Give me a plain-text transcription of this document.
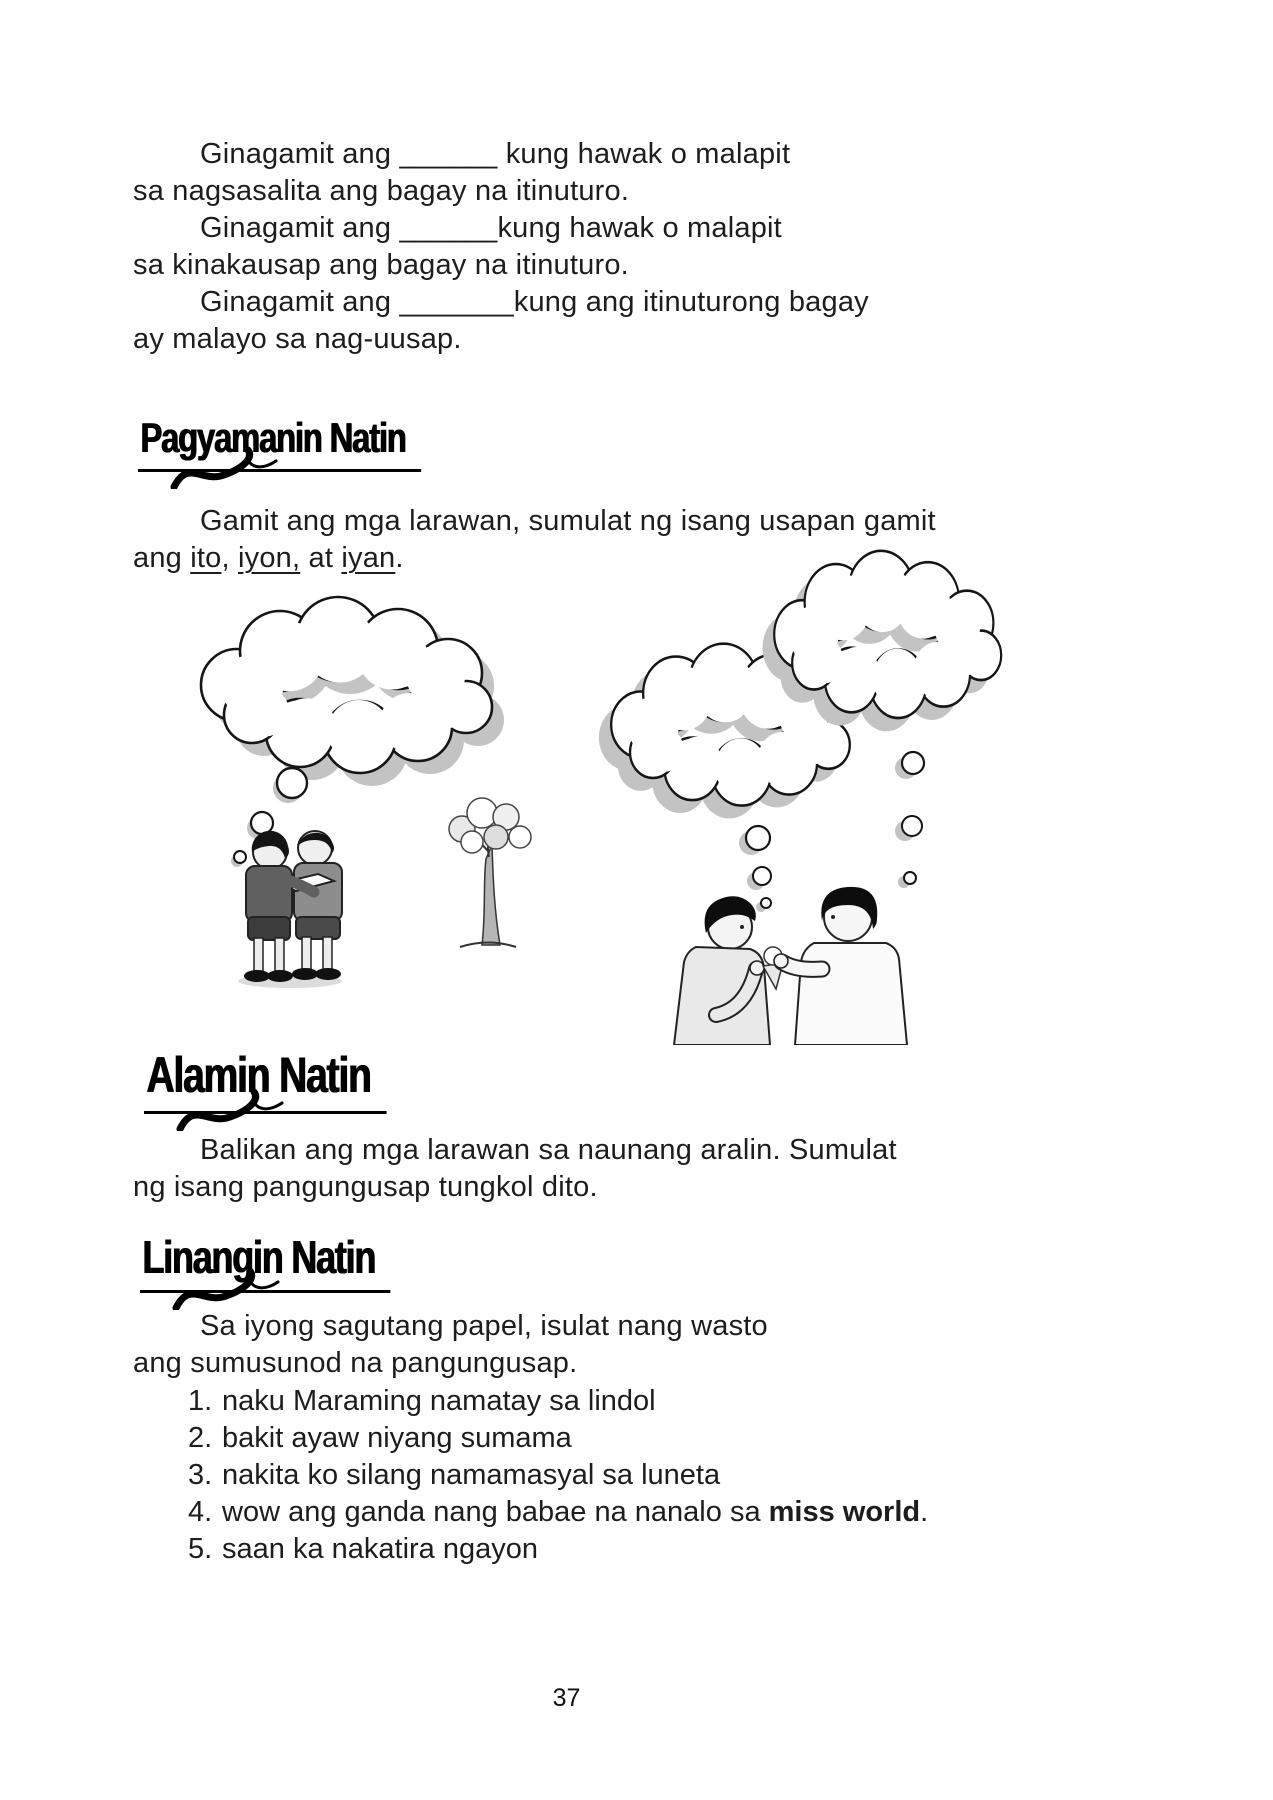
Ginagamit ang ______ kung hawak o malapit
sa nagsasalita ang bagay na itinuturo.
Ginagamit ang ______kung hawak o malapit
sa kinakausap ang bagay na itinuturo.
Ginagamit ang _______kung ang itinuturong bagay
ay malayo sa nag-uusap.
Pagyamanin Natin
Gamit ang mga larawan, sumulat ng isang usapan gamit
ang ito, iyon, at iyan.
Alamin Natin
Balikan ang mga larawan sa naunang aralin. Sumulat
ng isang pangungusap tungkol dito.
Linangin Natin
Sa iyong sagutang papel, isulat nang wasto
ang sumusunod na pangungusap.
1. naku Maraming namatay sa lindol
2. bakit ayaw niyang sumama
3. nakita ko silang namamasyal sa luneta
4. wow ang ganda nang babae na nanalo sa miss world.
5. saan ka nakatira ngayon
37
